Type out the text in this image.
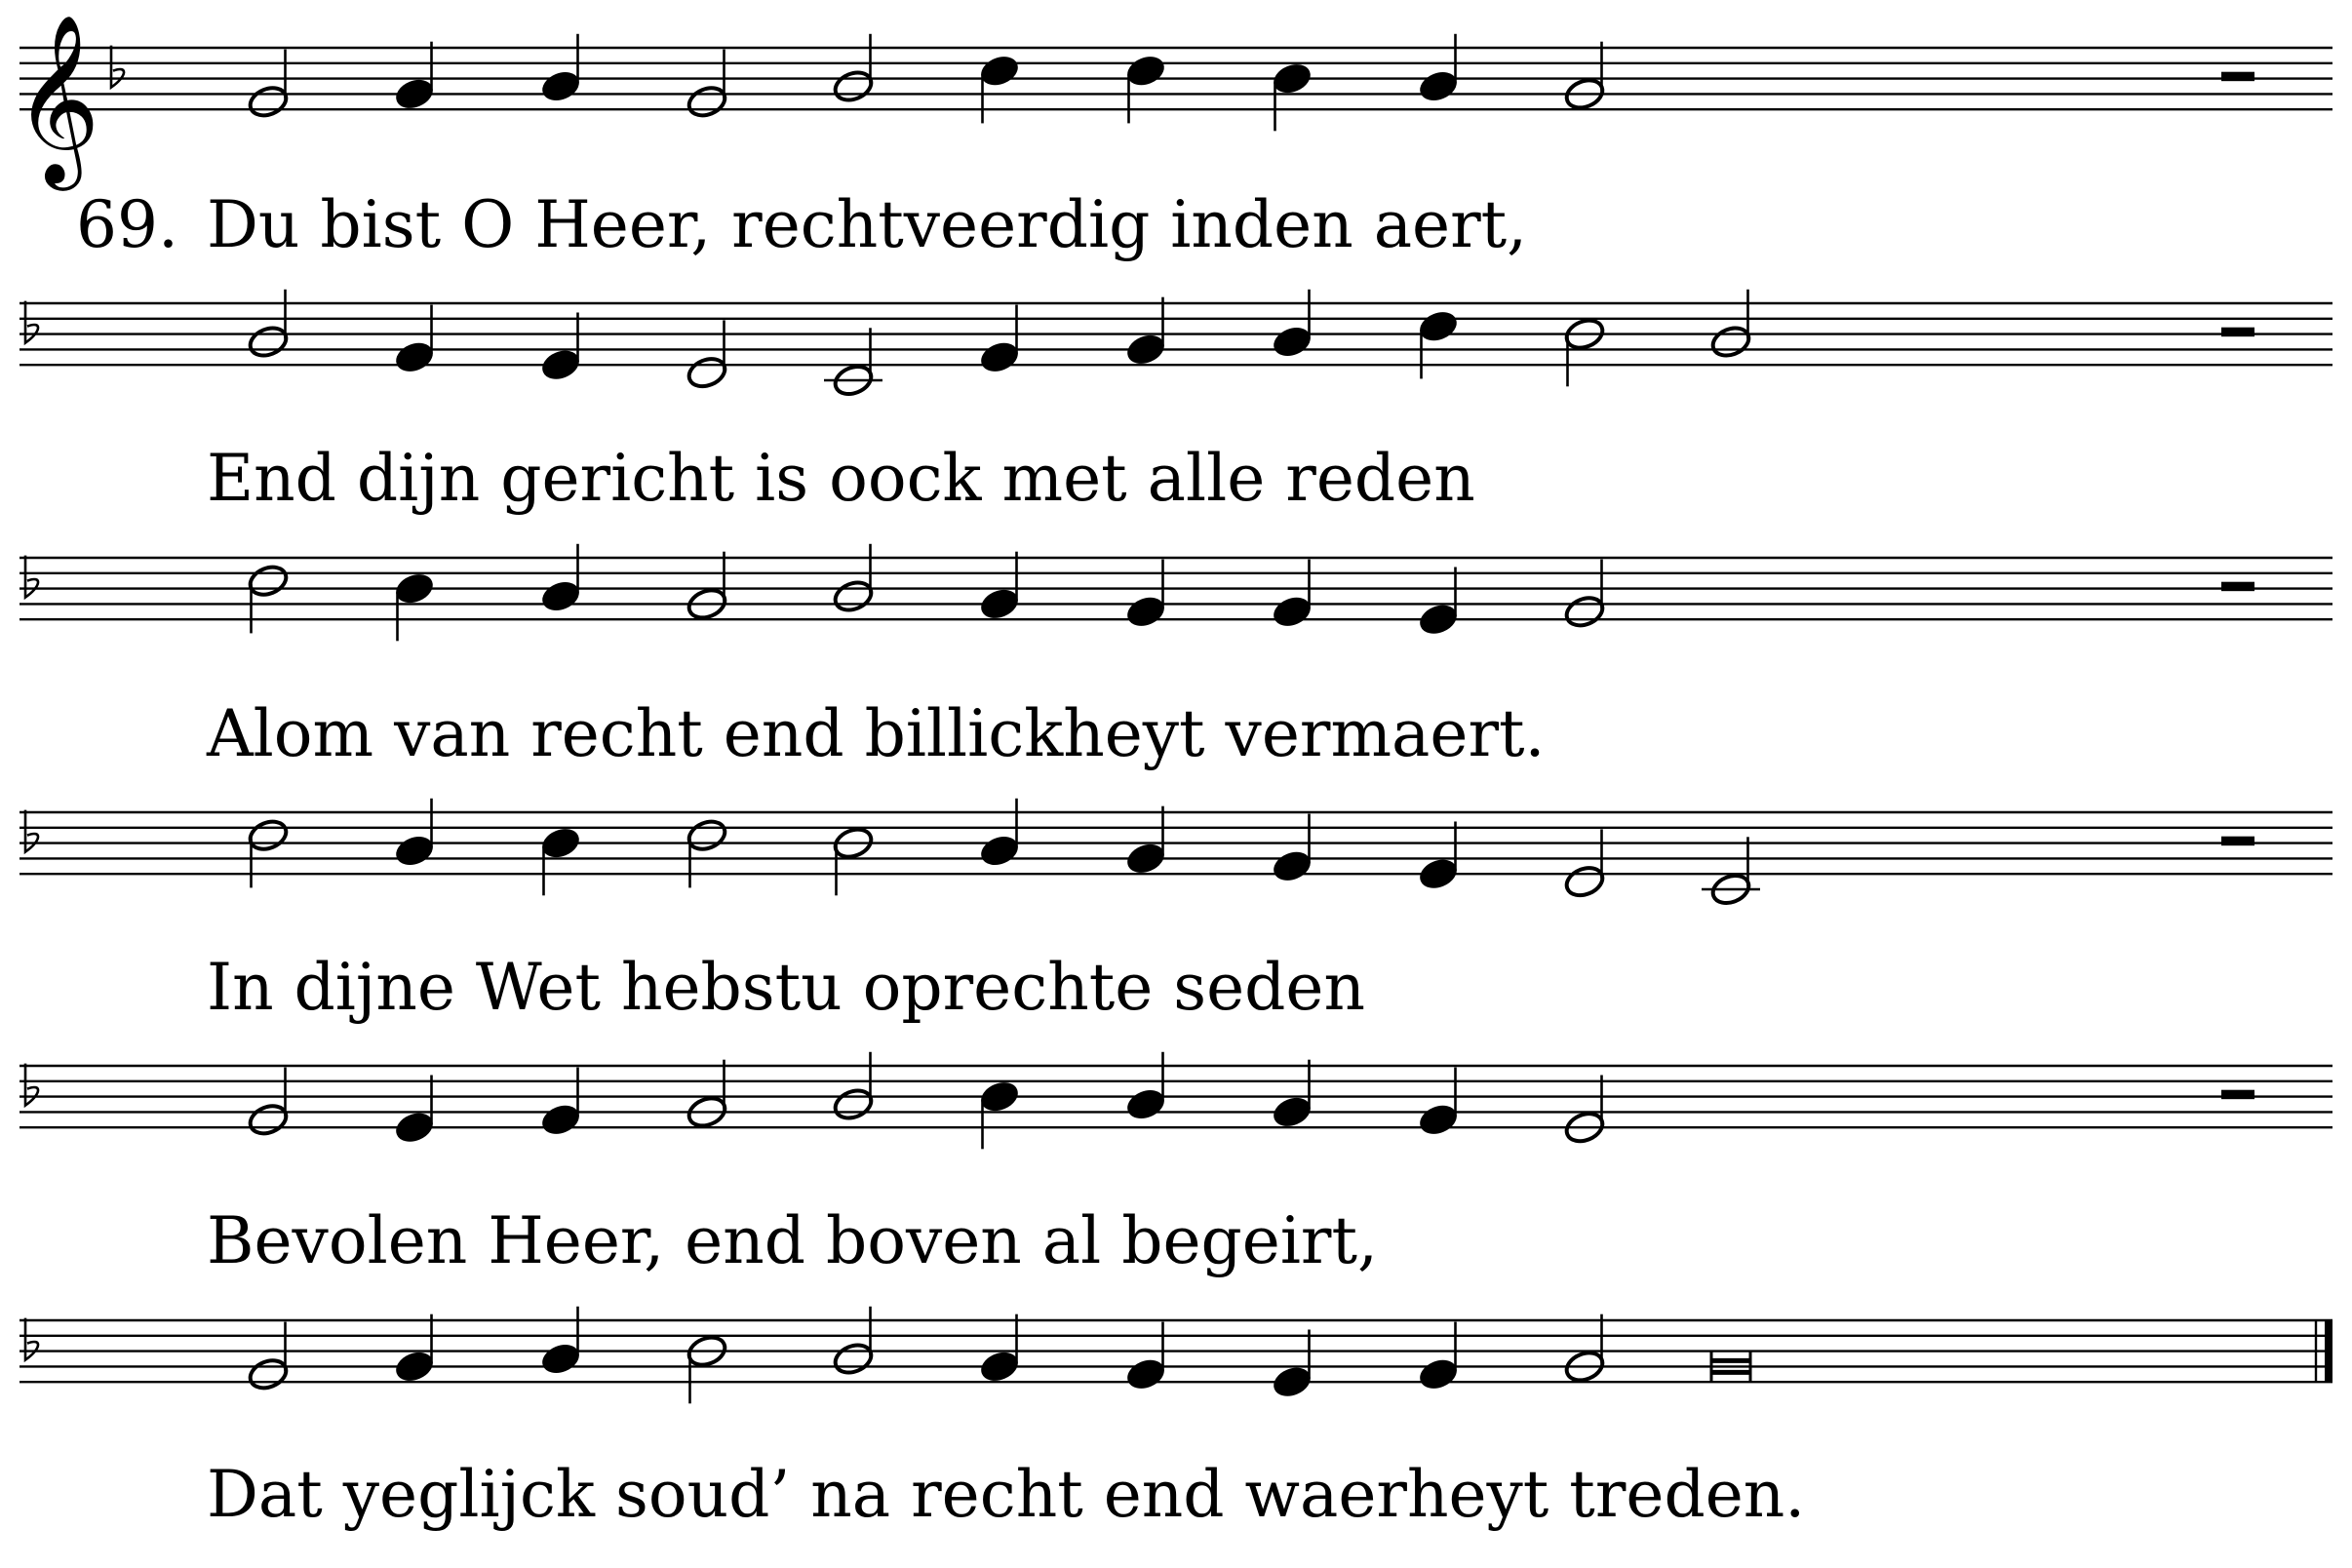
𝄞
Du bist O Heer, rechtveerdig inden aert,
69.
End dijn gericht is oock met alle reden
Alom van recht end billickheyt vermaert.
In dijne Wet hebstu oprechte seden
Bevolen Heer, end boven al begeirt,
Dat yeglijck soud’ na recht end waerheyt treden.
